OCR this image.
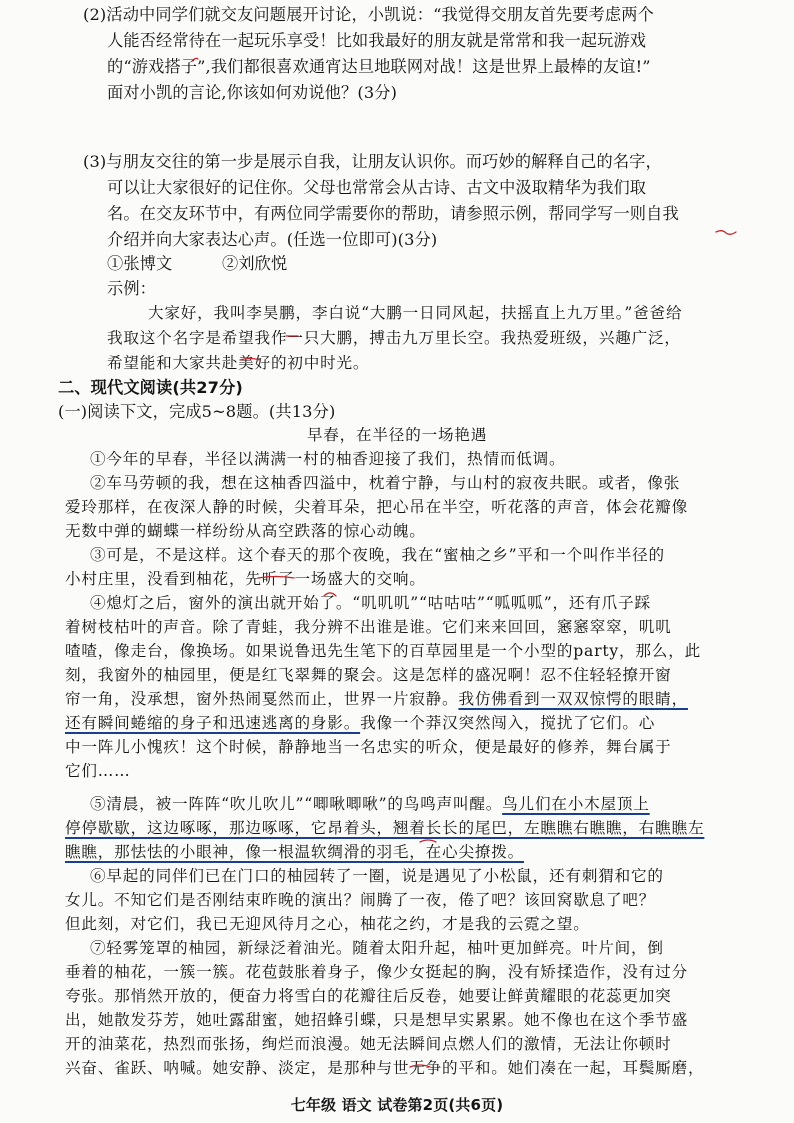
(2)活动中同学们就交友问题展开讨论，小凯说：“我觉得交朋友首先要考虑两个
人能否经常待在一起玩乐享受！比如我最好的朋友就是常常和我一起玩游戏
的“游戏搭子”,我们都很喜欢通宵达旦地联网对战！这是世界上最棒的友谊!”
面对小凯的言论,你该如何劝说他？(3分)
(3)与朋友交往的第一步是展示自我，让朋友认识你。而巧妙的解释自己的名字，
可以让大家很好的记住你。父母也常常会从古诗、古文中汲取精华为我们取
名。在交友环节中，有两位同学需要你的帮助，请参照示例，帮同学写一则自我
介绍并向大家表达心声。(任选一位即可)(3分)
①张博文	②刘欣悦
示例：
大家好，我叫李昊鹏，李白说“大鹏一日同风起，扶摇直上九万里。”爸爸给
我取这个名字是希望我作一只大鹏，搏击九万里长空。我热爱班级，兴趣广泛，
希望能和大家共赴美好的初中时光。
二、现代文阅读(共27分)
(一)阅读下文，完成5~8题。(共13分)
早春，在半径的一场艳遇
①今年的早春，半径以满满一村的柚香迎接了我们，热情而低调。
②车马劳顿的我，想在这柚香四溢中，枕着宁静，与山村的寂夜共眠。或者，像张
爱玲那样，在夜深人静的时候，尖着耳朵，把心吊在半空，听花落的声音，体会花瓣像
无数中弹的蝴蝶一样纷纷从高空跌落的惊心动魄。
③可是，不是这样。这个春天的那个夜晚，我在“蜜柚之乡”平和一个叫作半径的
小村庄里，没看到柚花，先听了一场盛大的交响。
④熄灯之后，窗外的演出就开始了。“叽叽叽”“咕咕咕”“呱呱呱”，还有爪子踩
着树枝枯叶的声音。除了青蛙，我分辨不出谁是谁。它们来来回回，窸窸窣窣，叽叽
喳喳，像走台，像换场。如果说鲁迅先生笔下的百草园里是一个小型的party，那么，此
刻，我窗外的柚园里，便是红飞翠舞的聚会。这是怎样的盛况啊！忍不住轻轻撩开窗
帘一角，没承想，窗外热闹戛然而止，世界一片寂静。我仿佛看到一双双惊愕的眼睛，
还有瞬间蜷缩的身子和迅速逃离的身影。我像一个莽汉突然闯入，搅扰了它们。心
中一阵儿小愧疚！这个时候，静静地当一名忠实的听众，便是最好的修养，舞台属于
它们……
⑤清晨，被一阵阵“吹儿吹儿”“唧啾唧啾”的鸟鸣声叫醒。鸟儿们在小木屋顶上
停停歇歇，这边啄啄，那边啄啄，它昂着头，翘着长长的尾巴，左瞧瞧右瞧瞧，右瞧瞧左
瞧瞧，那怯怯的小眼神，像一根温软绸滑的羽毛，在心尖撩拨。
⑥早起的同伴们已在门口的柚园转了一圈，说是遇见了小松鼠，还有刺猬和它的
女儿。不知它们是否刚结束昨晚的演出？闹腾了一夜，倦了吧？该回窝歇息了吧？
但此刻，对它们，我已无迎风待月之心，柚花之约，才是我的云霓之望。
⑦轻雾笼罩的柚园，新绿泛着油光。随着太阳升起，柚叶更加鲜亮。叶片间，倒
垂着的柚花，一簇一簇。花苞鼓胀着身子，像少女挺起的胸，没有矫揉造作，没有过分
夸张。那悄然开放的，便奋力将雪白的花瓣往后反卷，她要让鲜黄耀眼的花蕊更加突
出，她散发芬芳，她吐露甜蜜，她招蜂引蝶，只是想早实累累。她不像也在这个季节盛
开的油菜花，热烈而张扬，绚烂而浪漫。她无法瞬间点燃人们的激情，无法让你顿时
兴奋、雀跃、呐喊。她安静、淡定，是那种与世无争的平和。她们凑在一起，耳鬓厮磨，
七年级 语文 试卷第2页(共6页)
